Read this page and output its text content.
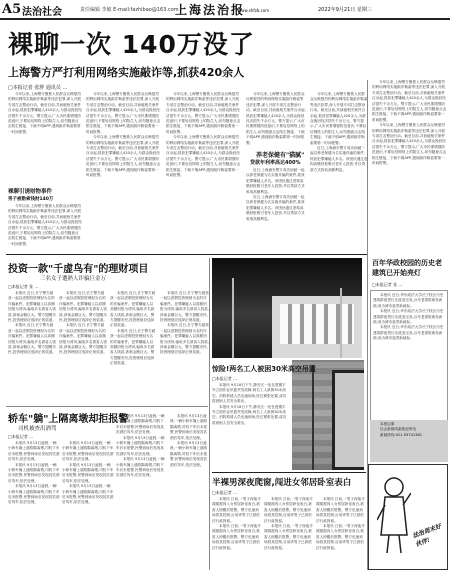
A5 法治社会	责任编辑 李敏 E-mail:fazhibao@163.com
上海法治报
www.shfzb.com	2022年9月21日 星期三
裸聊一次 140万没了
上海警方严打利用网络实施敲诈等,抓获420余人
□本报记者 张胖 通讯员 …

今年以来,上海警方聚焦人民群众反映强烈的利用网络实施敲诈勒索等违法犯罪,深入开展专项打击整治行动。截至目前,共侦破相关案件百余起,抓获犯罪嫌疑人420余人,为群众挽回经济损失千余万元。警方提示,广大市民要增强防范意识,不要轻信网络上的陌生人,切勿随意点击陌生链接、下载不明APP,遇到敲诈勒索要第一时间报警。

裸聊引诱财物事件
男子被勒索钱财140万

今年以来,上海警方聚焦人民群众反映强烈的利用网络实施敲诈勒索等违法犯罪,深入开展专项打击整治行动。截至目前,共侦破相关案件百余起,抓获犯罪嫌疑人420余人,为群众挽回经济损失千余万元。警方提示,广大市民要增强防范意识,不要轻信网络上的陌生人,切勿随意点击陌生链接、下载不明APP,遇到敲诈勒索要第一时间报警。

今年以来,上海警方聚焦人民群众反映强烈的利用网络实施敲诈勒索等违法犯罪,深入开展专项打击整治行动。截至目前,共侦破相关案件百余起,抓获犯罪嫌疑人420余人,为群众挽回经济损失千余万元。警方提示,广大市民要增强防范意识,不要轻信网络上的陌生人,切勿随意点击陌生链接、下载不明APP,遇到敲诈勒索要第一时间报警。

今年以来,上海警方聚焦人民群众反映强烈的利用网络实施敲诈勒索等违法犯罪,深入开展专项打击整治行动。截至目前,共侦破相关案件百余起,抓获犯罪嫌疑人420余人,为群众挽回经济损失千余万元。警方提示,广大市民要增强防范意识,不要轻信网络上的陌生人,切勿随意点击陌生链接、下载不明APP,遇到敲诈勒索要第一时间报警。

今年以来,上海警方聚焦人民群众反映强烈的利用网络实施敲诈勒索等违法犯罪,深入开展专项打击整治行动。截至目前,共侦破相关案件百余起,抓获犯罪嫌疑人420余人,为群众挽回经济损失千余万元。警方提示,广大市民要增强防范意识,不要轻信网络上的陌生人,切勿随意点击陌生链接、下载不明APP,遇到敲诈勒索要第一时间报警。

今年以来,上海警方聚焦人民群众反映强烈的利用网络实施敲诈勒索等违法犯罪,深入开展专项打击整治行动。截至目前,共侦破相关案件百余起,抓获犯罪嫌疑人420余人,为群众挽回经济损失千余万元。警方提示,广大市民要增强防范意识,不要轻信网络上的陌生人,切勿随意点击陌生链接、下载不明APP,遇到敲诈勒索要第一时间报警。

今年以来,上海警方聚焦人民群众反映强烈的利用网络实施敲诈勒索等违法犯罪,深入开展专项打击整治行动。截至目前,共侦破相关案件百余起,抓获犯罪嫌疑人420余人,为群众挽回经济损失千余万元。警方提示,广大市民要增强防范意识,不要轻信网络上的陌生人,切勿随意点击陌生链接、下载不明APP,遇到敲诈勒索要第一时间报警。

养老保健有"猫腻"
贷款年利率高达400%

近日,上海浦东警方成功侦破一起以养老保健为名实施诈骗的案件,抓获犯罪嫌疑人多名。该团伙通过虚构高额回报吸引老年人投资,并以贷款方式收取高额利息。

近日,上海浦东警方成功侦破一起以养老保健为名实施诈骗的案件,抓获犯罪嫌疑人多名。该团伙通过虚构高额回报吸引老年人投资,并以贷款方式收取高额利息。

今年以来,上海警方聚焦人民群众反映强烈的利用网络实施敲诈勒索等违法犯罪,深入开展专项打击整治行动。截至目前,共侦破相关案件百余起,抓获犯罪嫌疑人420余人,为群众挽回经济损失千余万元。警方提示,广大市民要增强防范意识,不要轻信网络上的陌生人,切勿随意点击陌生链接、下载不明APP,遇到敲诈勒索要第一时间报警。

近日,上海浦东警方成功侦破一起以养老保健为名实施诈骗的案件,抓获犯罪嫌疑人多名。该团伙通过虚构高额回报吸引老年人投资,并以贷款方式收取高额利息。

今年以来,上海警方聚焦人民群众反映强烈的利用网络实施敲诈勒索等违法犯罪,深入开展专项打击整治行动。截至目前,共侦破相关案件百余起,抓获犯罪嫌疑人420余人,为群众挽回经济损失千余万元。警方提示,广大市民要增强防范意识,不要轻信网络上的陌生人,切勿随意点击陌生链接、下载不明APP,遇到敲诈勒索要第一时间报警。

今年以来,上海警方聚焦人民群众反映强烈的利用网络实施敲诈勒索等违法犯罪,深入开展专项打击整治行动。截至目前,共侦破相关案件百余起,抓获犯罪嫌疑人420余人,为群众挽回经济损失千余万元。警方提示,广大市民要增强防范意识,不要轻信网络上的陌生人,切勿随意点击陌生链接、下载不明APP,遇到敲诈勒索要第一时间报警。

投资一款"千虚鸟有"的理财项目
三名女子遭熟人诈骗巨金万
□本报记者 张 …

本报讯 近日,长宁警方破获一起以虚假投资理财为名的诈骗案件。犯罪嫌疑人以高额回报为诱饵,骗取多名被害人钱款,涉案金额巨大。警方提醒市民,投资理财应选择正规渠道。

本报讯 近日,长宁警方破获一起以虚假投资理财为名的诈骗案件。犯罪嫌疑人以高额回报为诱饵,骗取多名被害人钱款,涉案金额巨大。警方提醒市民,投资理财应选择正规渠道。

本报讯 近日,长宁警方破获一起以虚假投资理财为名的诈骗案件。犯罪嫌疑人以高额回报为诱饵,骗取多名被害人钱款,涉案金额巨大。警方提醒市民,投资理财应选择正规渠道。

本报讯 近日,长宁警方破获一起以虚假投资理财为名的诈骗案件。犯罪嫌疑人以高额回报为诱饵,骗取多名被害人钱款,涉案金额巨大。警方提醒市民,投资理财应选择正规渠道。

本报讯 近日,长宁警方破获一起以虚假投资理财为名的诈骗案件。犯罪嫌疑人以高额回报为诱饵,骗取多名被害人钱款,涉案金额巨大。警方提醒市民,投资理财应选择正规渠道。

本报讯 近日,长宁警方破获一起以虚假投资理财为名的诈骗案件。犯罪嫌疑人以高额回报为诱饵,骗取多名被害人钱款,涉案金额巨大。警方提醒市民,投资理财应选择正规渠道。

本报讯 近日,长宁警方破获一起以虚假投资理财为名的诈骗案件。犯罪嫌疑人以高额回报为诱饵,骗取多名被害人钱款,涉案金额巨大。警方提醒市民,投资理财应选择正规渠道。

本报讯 近日,长宁警方破获一起以虚假投资理财为名的诈骗案件。犯罪嫌疑人以高额回报为诱饵,骗取多名被害人钱款,涉案金额巨大。警方提醒市民,投资理财应选择正规渠道。

百年华政校园的历史老建筑已开始亮灯
□本报记者 张 …

本报讯 近日,华东政法大学长宁校区历史建筑群夜景灯光改造完成,百年老建筑焕发新颜,成为城市夜景新地标。

本报讯 近日,华东政法大学长宁校区历史建筑群夜景灯光改造完成,百年老建筑焕发新颜,成为城市夜景新地标。

本报讯 近日,华东政法大学长宁校区历史建筑群夜景灯光改造完成,百年老建筑焕发新颜,成为城市夜景新地标。

本报启事

社会新闻线索欢迎来电

新闻热线:021-59741381

惊险!两名工人被困30米高空吊篮
□本报记者 …

本报讯 9月18日下午,静安区一处在建楼宇外立面作业吊篮突发故障,两名工人被困30米高空。消防救援人员迅速到场,经过紧张处置,成功将被困人员安全救出。

本报讯 9月18日下午,静安区一处在建楼宇外立面作业吊篮突发故障,两名工人被困30米高空。消防救援人员迅速到场,经过紧张处置,成功将被困人员安全救出。

轿车"躺"上隔离墩却拒报警
司机被查出酒驾
□本报记者 …

本报讯 9月13日凌晨,一辆小轿车撞上道路隔离墩,司机下车后未报警,民警到场后发现其饮酒后驾车,依法处理。

本报讯 9月13日凌晨,一辆小轿车撞上道路隔离墩,司机下车后未报警,民警到场后发现其饮酒后驾车,依法处理。

本报讯 9月13日凌晨,一辆小轿车撞上道路隔离墩,司机下车后未报警,民警到场后发现其饮酒后驾车,依法处理。

本报讯 9月13日凌晨,一辆小轿车撞上道路隔离墩,司机下车后未报警,民警到场后发现其饮酒后驾车,依法处理。

本报讯 9月13日凌晨,一辆小轿车撞上道路隔离墩,司机下车后未报警,民警到场后发现其饮酒后驾车,依法处理。

本报讯 9月13日凌晨,一辆小轿车撞上道路隔离墩,司机下车后未报警,民警到场后发现其饮酒后驾车,依法处理。

本报讯 9月13日凌晨,一辆小轿车撞上道路隔离墩,司机下车后未报警,民警到场后发现其饮酒后驾车,依法处理。

本报讯 9月13日凌晨,一辆小轿车撞上道路隔离墩,司机下车后未报警,民警到场后发现其饮酒后驾车,依法处理。

本报讯 9月13日凌晨,一辆小轿车撞上道路隔离墩,司机下车后未报警,民警到场后发现其饮酒后驾车,依法处理。

本报讯 9月13日凌晨,一辆小轿车撞上道路隔离墩,司机下车后未报警,民警到场后发现其饮酒后驾车,依法处理。

本报讯 9月13日凌晨,一辆小轿车撞上道路隔离墩,司机下车后未报警,民警到场后发现其饮酒后驾车,依法处理。

半裸男深夜爬窗,闯进女邻居卧室表白
□本报记者 …

本报讯 日前,一男子深夜半裸爬窗闯入女邻居卧室表白,被害人惊醒后报警。警方迅速到场将其控制,目前该男子已被依法行政拘留。

本报讯 日前,一男子深夜半裸爬窗闯入女邻居卧室表白,被害人惊醒后报警。警方迅速到场将其控制,目前该男子已被依法行政拘留。

本报讯 日前,一男子深夜半裸爬窗闯入女邻居卧室表白,被害人惊醒后报警。警方迅速到场将其控制,目前该男子已被依法行政拘留。

本报讯 日前,一男子深夜半裸爬窗闯入女邻居卧室表白,被害人惊醒后报警。警方迅速到场将其控制,目前该男子已被依法行政拘留。

本报讯 日前,一男子深夜半裸爬窗闯入女邻居卧室表白,被害人惊醒后报警。警方迅速到场将其控制,目前该男子已被依法行政拘留。

本报讯 日前,一男子深夜半裸爬窗闯入女邻居卧室表白,被害人惊醒后报警。警方迅速到场将其控制,目前该男子已被依法行政拘留。

法治周末好伙伴!
